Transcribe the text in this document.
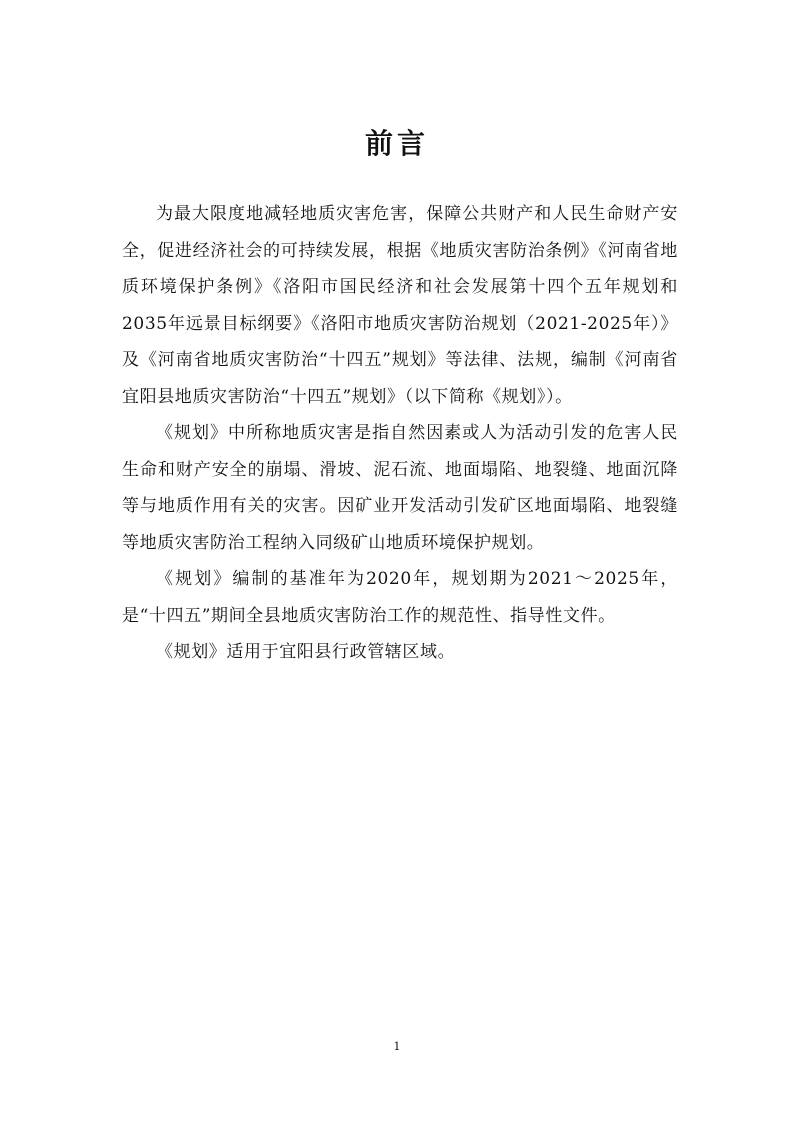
前言

为最大限度地减轻地质灾害危害，保障公共财产和人民生命财产安全，促进经济社会的可持续发展，根据《地质灾害防治条例》《河南省地质环境保护条例》《洛阳市国民经济和社会发展第十四个五年规划和2035年远景目标纲要》《洛阳市地质灾害防治规划（2021-2025年）》及《河南省地质灾害防治“十四五”规划》等法律、法规，编制《河南省宜阳县地质灾害防治“十四五”规划》（以下简称《规划》）。

《规划》中所称地质灾害是指自然因素或人为活动引发的危害人民生命和财产安全的崩塌、滑坡、泥石流、地面塌陷、地裂缝、地面沉降等与地质作用有关的灾害。因矿业开发活动引发矿区地面塌陷、地裂缝等地质灾害防治工程纳入同级矿山地质环境保护规划。

《规划》编制的基准年为2020年，规划期为2021～2025年，是“十四五”期间全县地质灾害防治工作的规范性、指导性文件。

《规划》适用于宜阳县行政管辖区域。

1
